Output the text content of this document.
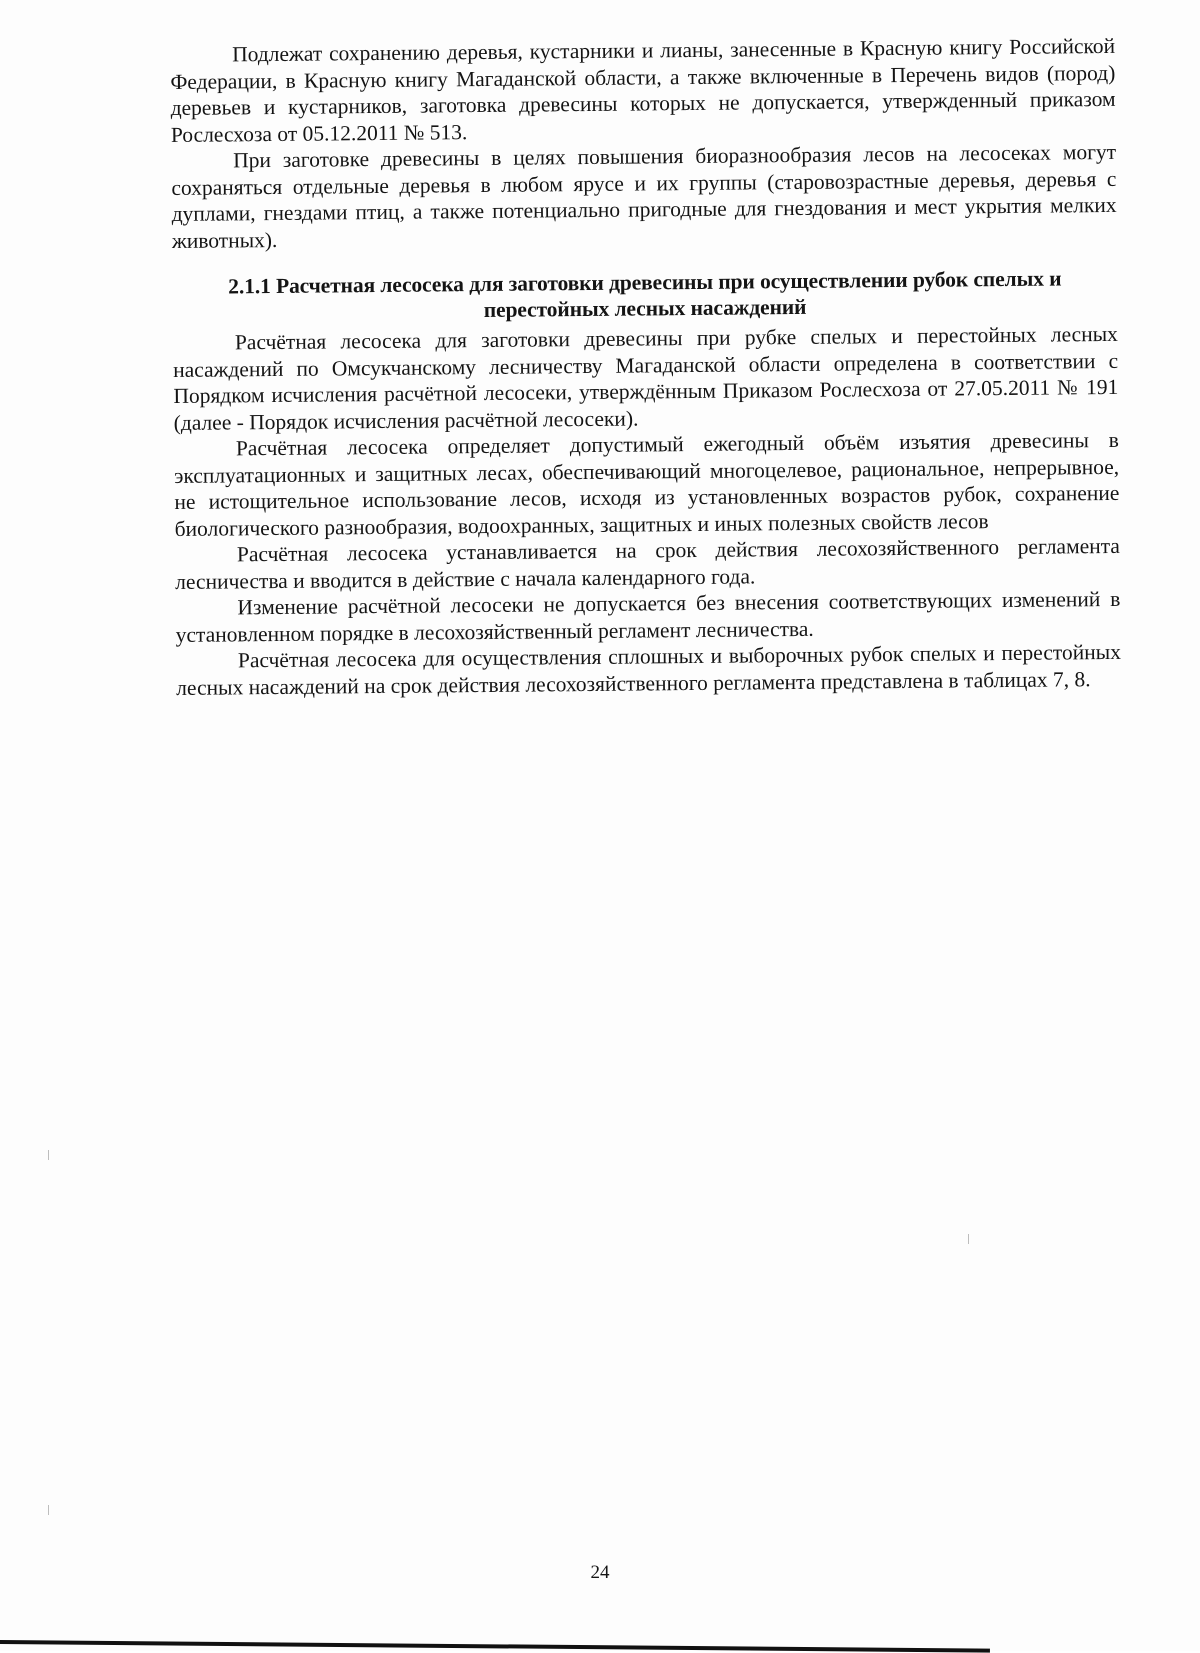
Подлежат сохранению деревья, кустарники и лианы, занесенные в Красную книгу Российской Федерации, в Красную книгу Магаданской области, а также включенные в Перечень видов (пород) деревьев и кустарников, заготовка древесины которых не допускается, утвержденный приказом Рослесхоза от 05.12.2011 № 513.

При заготовке древесины в целях повышения биоразнообразия лесов на лесосеках могут сохраняться отдельные деревья в любом ярусе и их группы (старовозрастные деревья, деревья с дуплами, гнездами птиц, а также потенциально пригодные для гнездования и мест укрытия мелких животных).

2.1.1 Расчетная лесосека для заготовки древесины при осуществлении рубок спелых и перестойных лесных насаждений

Расчётная лесосека для заготовки древесины при рубке спелых и перестойных лесных насаждений по Омсукчанскому лесничеству Магаданской области определена в соответствии с Порядком исчисления расчётной лесосеки, утверждённым Приказом Рослесхоза от 27.05.2011 № 191 (далее - Порядок исчисления расчётной лесосеки).

Расчётная лесосека определяет допустимый ежегодный объём изъятия древесины в эксплуатационных и защитных лесах, обеспечивающий многоцелевое, рациональное, непрерывное, не истощительное использование лесов, исходя из установленных возрастов рубок, сохранение биологического разнообразия, водоохранных, защитных и иных полезных свойств лесов

Расчётная лесосека устанавливается на срок действия лесохозяйственного регламента лесничества и вводится в действие с начала календарного года.

Изменение расчётной лесосеки не допускается без внесения соответствующих изменений в установленном порядке в лесохозяйственный регламент лесничества.

Расчётная лесосека для осуществления сплошных и выборочных рубок спелых и перестойных лесных насаждений на срок действия лесохозяйственного регламента представлена в таблицах 7, 8.

24
